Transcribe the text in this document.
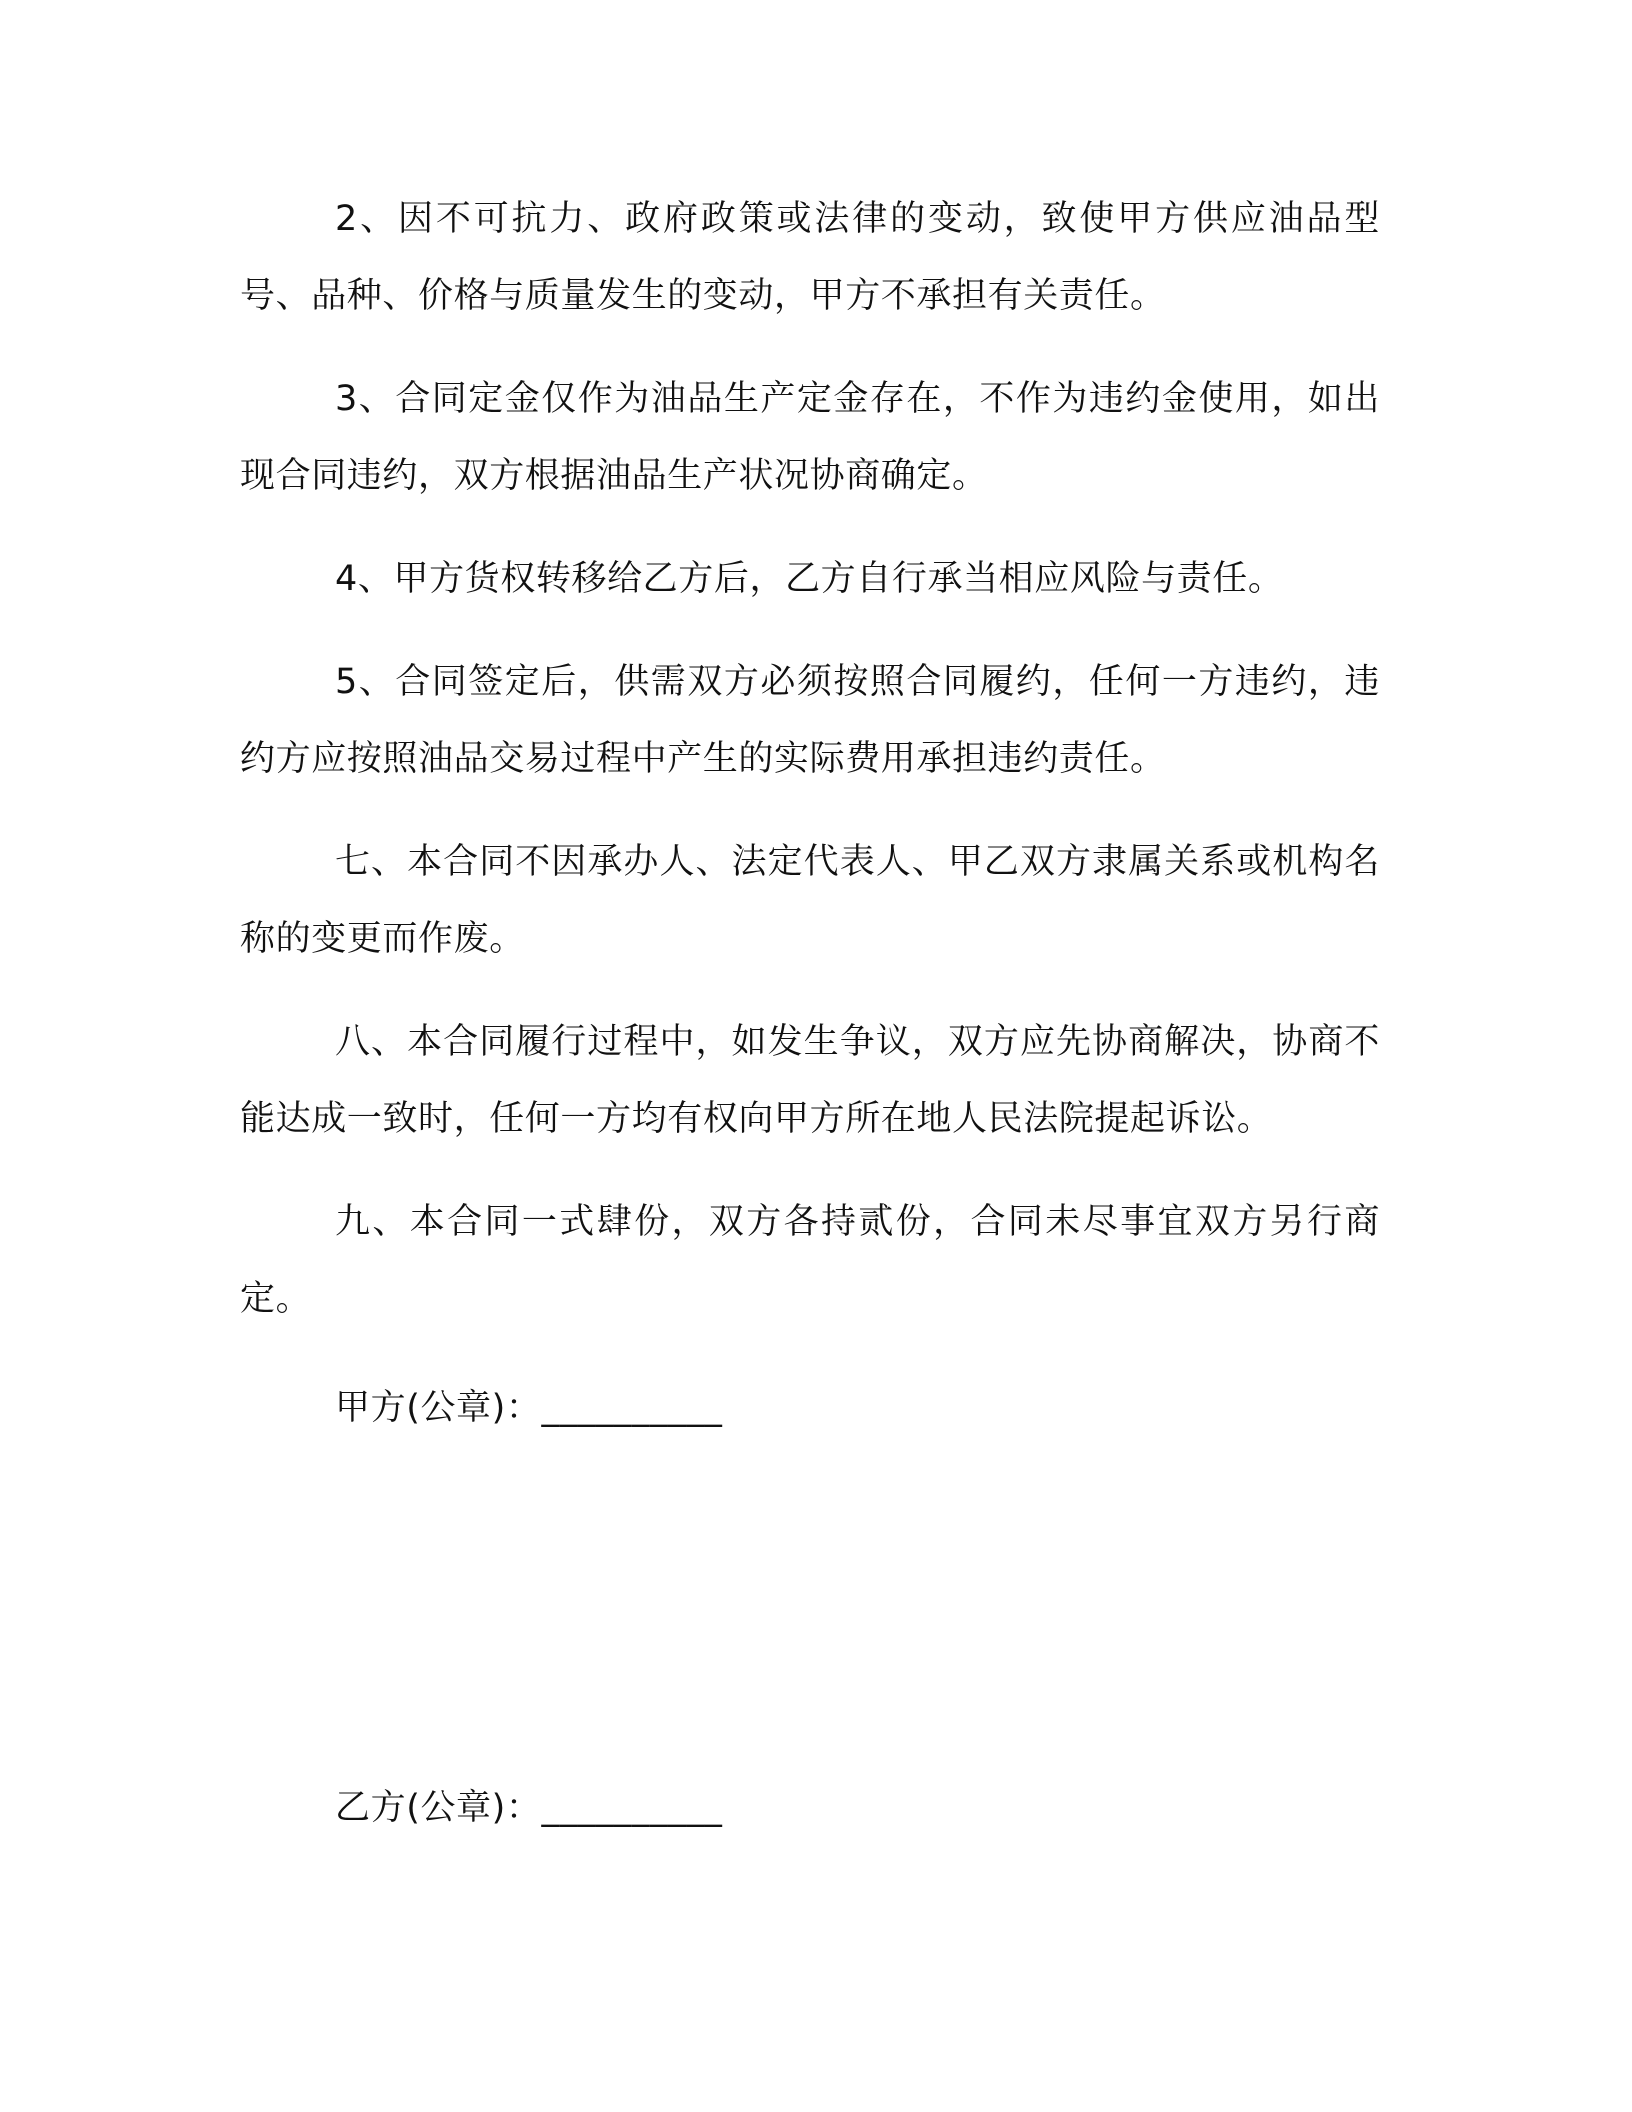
2、因不可抗力、政府政策或法律的变动，致使甲方供应油品型号、品种、价格与质量发生的变动，甲方不承担有关责任。

3、合同定金仅作为油品生产定金存在，不作为违约金使用，如出现合同违约，双方根据油品生产状况协商确定。

4、甲方货权转移给乙方后，乙方自行承当相应风险与责任。

5、合同签定后，供需双方必须按照合同履约，任何一方违约，违约方应按照油品交易过程中产生的实际费用承担违约责任。

七、本合同不因承办人、法定代表人、甲乙双方隶属关系或机构名称的变更而作废。

八、本合同履行过程中，如发生争议，双方应先协商解决，协商不能达成一致时，任何一方均有权向甲方所在地人民法院提起诉讼。

九、本合同一式肆份，双方各持贰份，合同未尽事宜双方另行商定。

甲方(公章)：__________
乙方(公章)：__________
